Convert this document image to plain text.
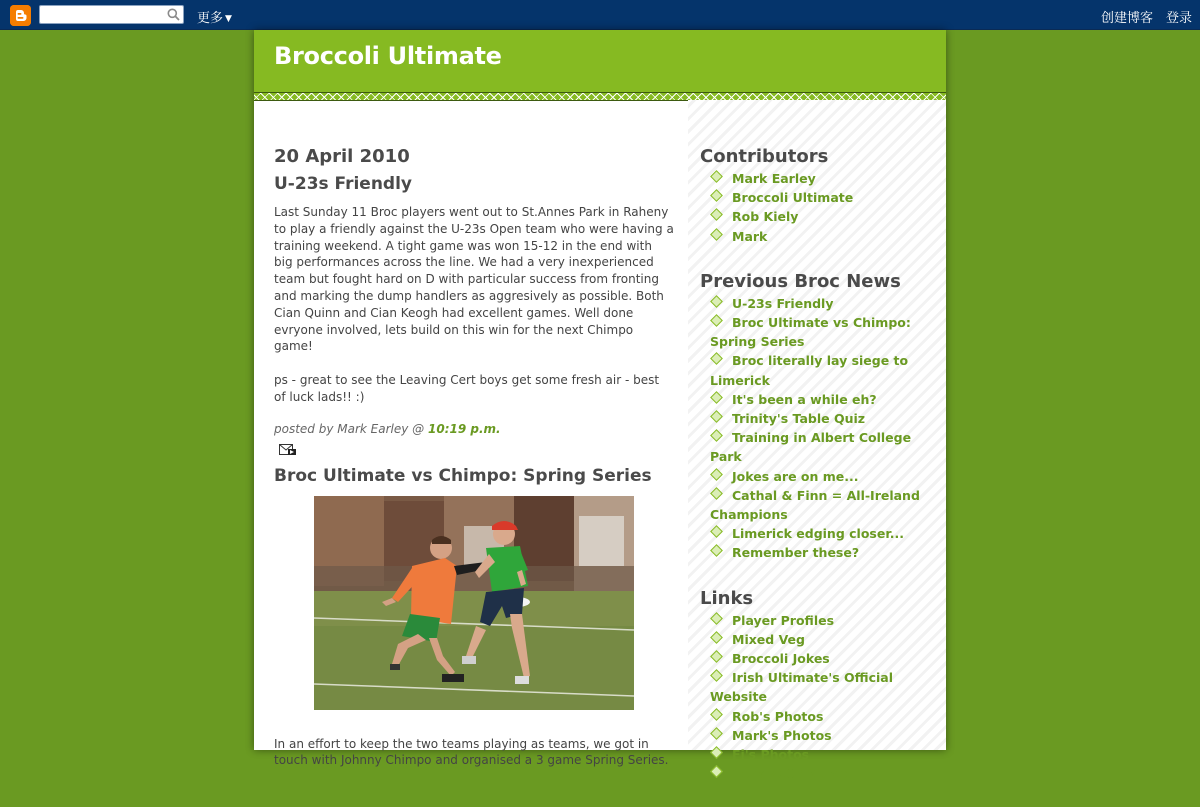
更多 ▼	创建博客 登录
Broccoli Ultimate
20 April 2010
U-23s Friendly

Last Sunday 11 Broc players went out to St.Annes Park in Raheny to play a friendly against the U-23s Open team who were having a training weekend. A tight game was won 15-12 in the end with big performances across the line. We had a very inexperienced team but fought hard on D with particular success from fronting and marking the dump handlers as aggresively as possible. Both Cian Quinn and Cian Keogh had excellent games. Well done evryone involved, lets build on this win for the next Chimpo game!

ps - great to see the Leaving Cert boys get some fresh air - best of luck lads!! :)

posted by Mark Earley @ 10:19 p.m.
Broc Ultimate vs Chimpo: Spring Series

In an effort to keep the two teams playing as teams, we got in touch with Johnny Chimpo and organised a 3 game Spring Series.

Contributors
Mark Earley
Broccoli Ultimate
Rob Kiely
Mark
Previous Broc News
U-23s Friendly
Broc Ultimate vs Chimpo: Spring Series
Broc literally lay siege to Limerick
It's been a while eh?
Trinity's Table Quiz
Training in Albert College Park
Jokes are on me...
Cathal & Finn = All-Ireland Champions
Limerick edging closer...
Remember these?
Links
Player Profiles
Mixed Veg
Broccoli Jokes
Irish Ultimate's Official Website
Rob's Photos
Mark's Photos
Fi's Photos
Cork 2005 Video
